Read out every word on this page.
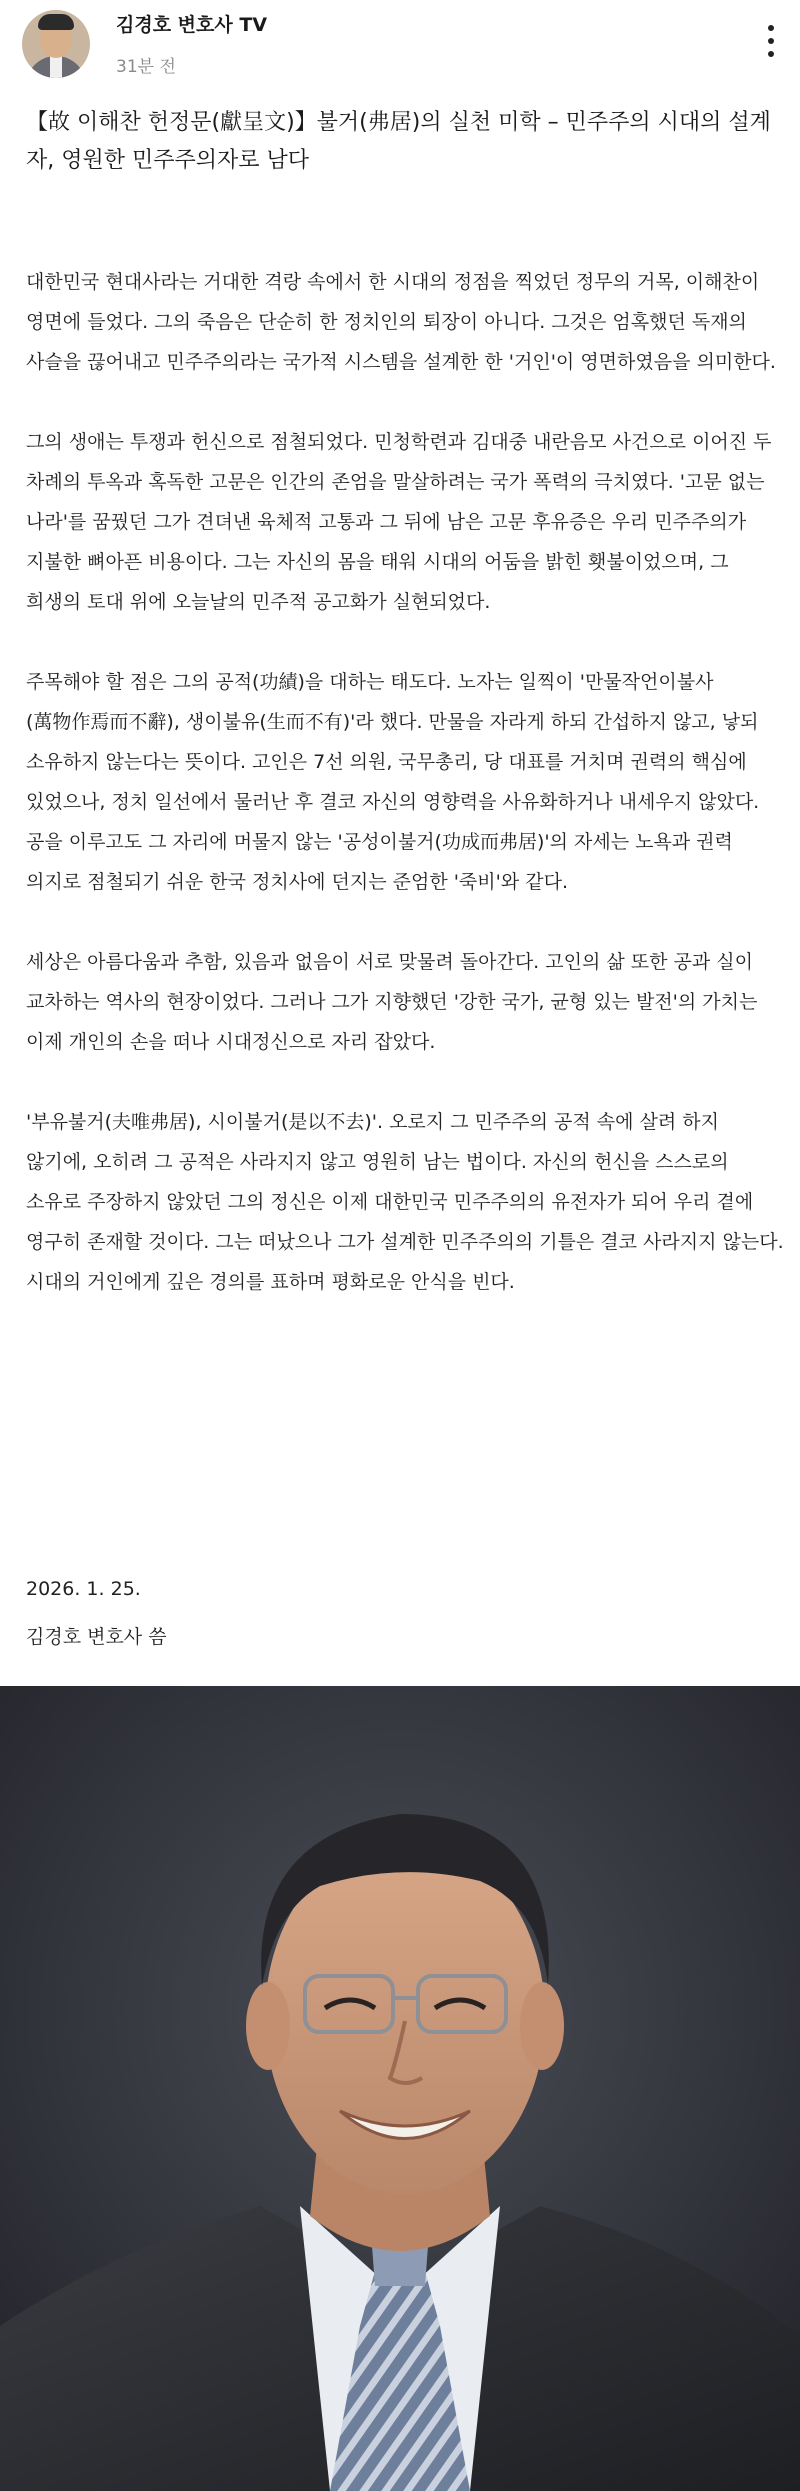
김경호 변호사 TV
31분 전
【故 이해찬 헌정문(獻呈文)】불거(弗居)의 실천 미학 – 민주주의 시대의 설계자, 영원한 민주주의자로 남다

대한민국 현대사라는 거대한 격랑 속에서 한 시대의 정점을 찍었던 정무의 거목, 이해찬이 영면에 들었다. 그의 죽음은 단순히 한 정치인의 퇴장이 아니다. 그것은 엄혹했던 독재의 사슬을 끊어내고 민주주의라는 국가적 시스템을 설계한 한 '거인'이 영면하였음을 의미한다.

그의 생애는 투쟁과 헌신으로 점철되었다. 민청학련과 김대중 내란음모 사건으로 이어진 두 차례의 투옥과 혹독한 고문은 인간의 존엄을 말살하려는 국가 폭력의 극치였다. '고문 없는 나라'를 꿈꿨던 그가 견뎌낸 육체적 고통과 그 뒤에 남은 고문 후유증은 우리 민주주의가 지불한 뼈아픈 비용이다. 그는 자신의 몸을 태워 시대의 어둠을 밝힌 횃불이었으며, 그 희생의 토대 위에 오늘날의 민주적 공고화가 실현되었다.

주목해야 할 점은 그의 공적(功績)을 대하는 태도다. 노자는 일찍이 '만물작언이불사(萬物作焉而不辭), 생이불유(生而不有)'라 했다. 만물을 자라게 하되 간섭하지 않고, 낳되 소유하지 않는다는 뜻이다. 고인은 7선 의원, 국무총리, 당 대표를 거치며 권력의 핵심에 있었으나, 정치 일선에서 물러난 후 결코 자신의 영향력을 사유화하거나 내세우지 않았다. 공을 이루고도 그 자리에 머물지 않는 '공성이불거(功成而弗居)'의 자세는 노욕과 권력 의지로 점철되기 쉬운 한국 정치사에 던지는 준엄한 '죽비'와 같다.

세상은 아름다움과 추함, 있음과 없음이 서로 맞물려 돌아간다. 고인의 삶 또한 공과 실이 교차하는 역사의 현장이었다. 그러나 그가 지향했던 '강한 국가, 균형 있는 발전'의 가치는 이제 개인의 손을 떠나 시대정신으로 자리 잡았다.

'부유불거(夫唯弗居), 시이불거(是以不去)'. 오로지 그 민주주의 공적 속에 살려 하지 않기에, 오히려 그 공적은 사라지지 않고 영원히 남는 법이다. 자신의 헌신을 스스로의 소유로 주장하지 않았던 그의 정신은 이제 대한민국 민주주의의 유전자가 되어 우리 곁에 영구히 존재할 것이다. 그는 떠났으나 그가 설계한 민주주의의 기틀은 결코 사라지지 않는다. 시대의 거인에게 깊은 경의를 표하며 평화로운 안식을 빈다.

2026. 1. 25.
김경호 변호사 씀
